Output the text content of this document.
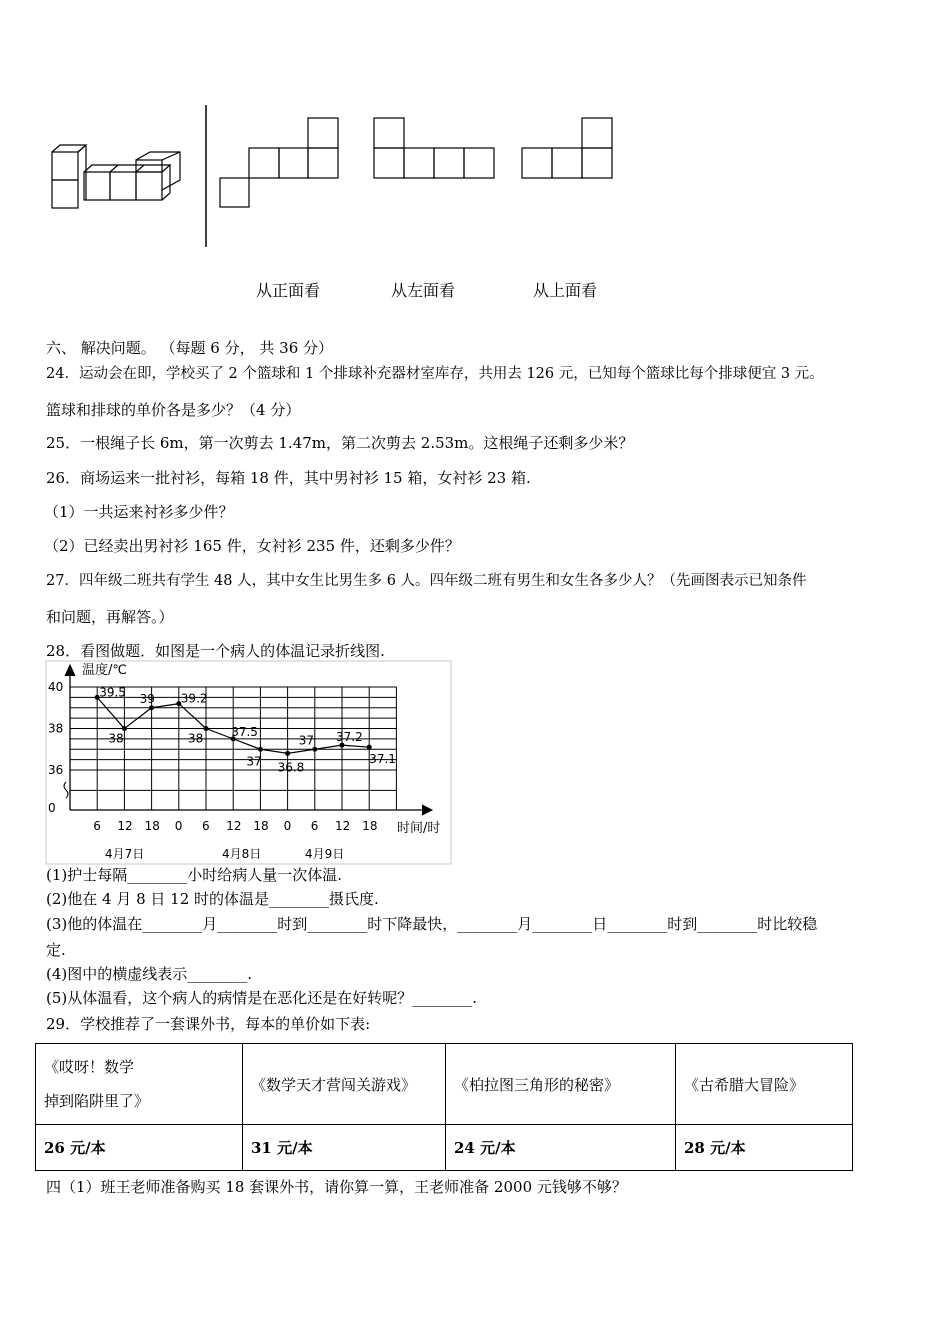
从正面看	从左面看	从上面看
六、 解决问题。 （每题 6 分， 共 36 分）
24．运动会在即，学校买了 2 个篮球和 1 个排球补充器材室库存，共用去 126 元，已知每个篮球比每个排球便宜 3 元。
篮球和排球的单价各是多少？（4 分）
25．一根绳子长 6m，第一次剪去 1.47m，第二次剪去 2.53m。这根绳子还剩多少米？
26．商场运来一批衬衫，每箱 18 件，其中男衬衫 15 箱，女衬衫 23 箱.
（1）一共运来衬衫多少件？
（2）已经卖出男衬衫 165 件，女衬衫 235 件，还剩多少件？
27．四年级二班共有学生 48 人，其中女生比男生多 6 人。四年级二班有男生和女生各多少人？（先画图表示已知条件
和问题，再解答。）
28．看图做题．如图是一个病人的体温记录折线图.
温度/℃
时间/时
40
38
36
0
6 12 18 0 6 12 18 0 6 12 18
4月7日	4月8日	4月9日
39.5
38
39 39.2
38 37.5
37 36.8
37 37.2
37.1
(1)护士每隔________小时给病人量一次体温.
(2)他在 4 月 8 日 12 时的体温是________摄氏度.
(3)他的体温在________月________时到________时下降最快，________月________日________时到________时比较稳
定.
(4)图中的横虚线表示________.
(5)从体温看，这个病人的病情是在恶化还是在好转呢？________.
29．学校推荐了一套课外书，每本的单价如下表:
《哎呀！数学
掉到陷阱里了》	《数学天才营闯关游戏》	《柏拉图三角形的秘密》	《古希腊大冒险》
26 元/本	31 元/本	24 元/本	28 元/本
四（1）班王老师准备购买 18 套课外书，请你算一算，王老师准备 2000 元钱够不够？
